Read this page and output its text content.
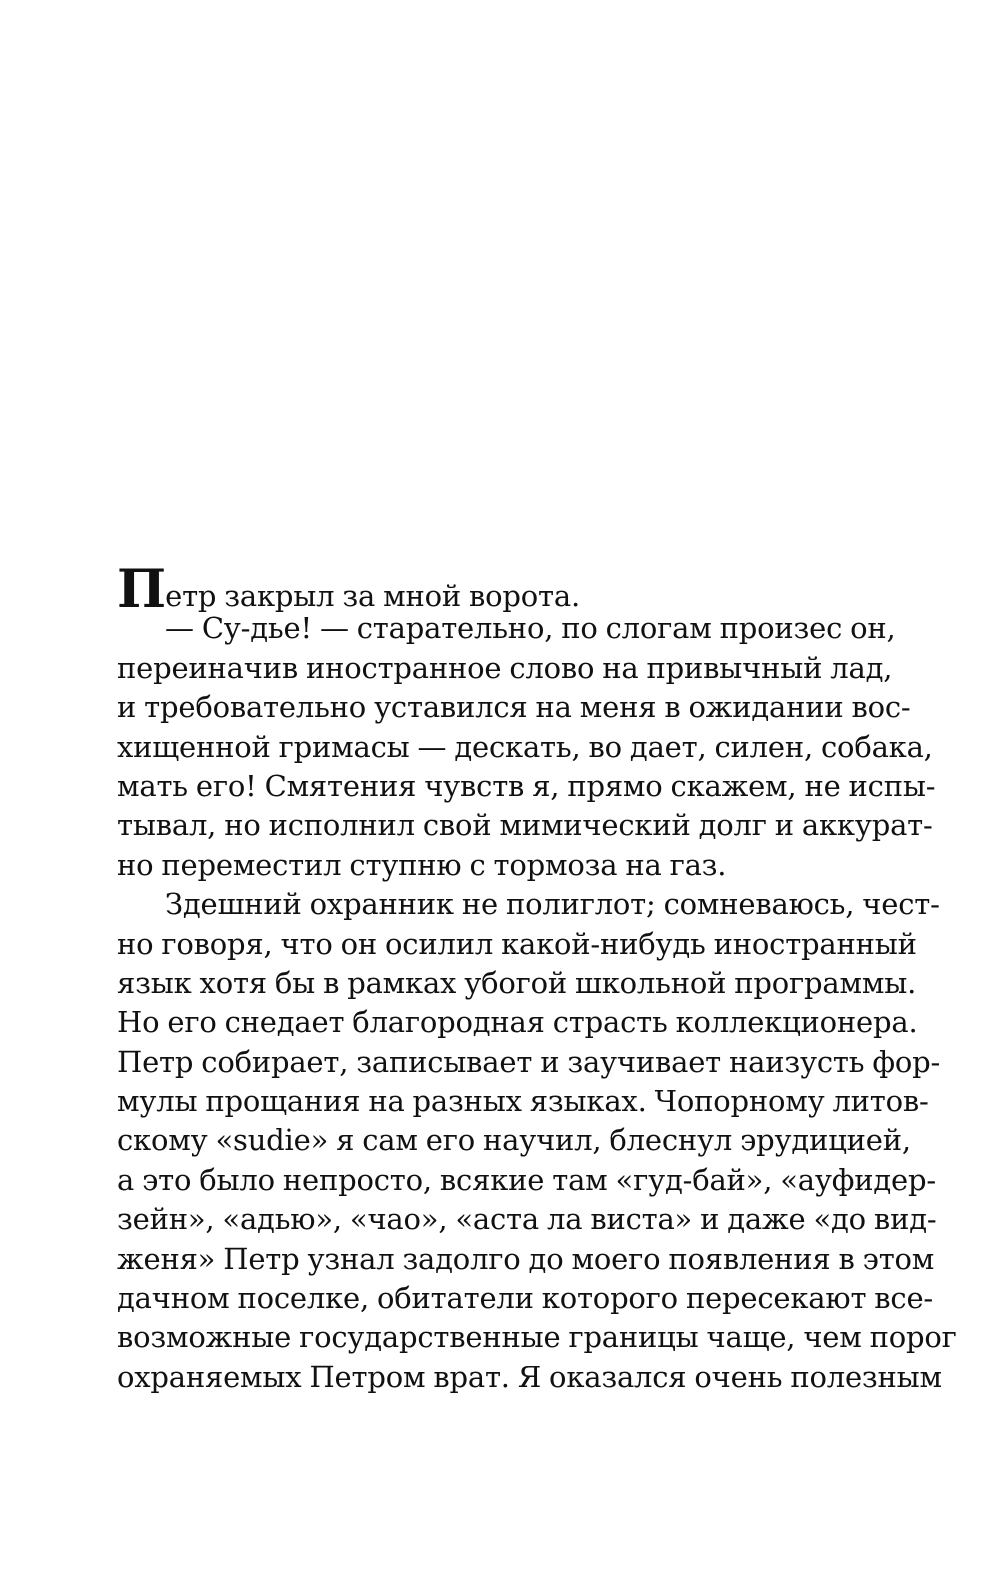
Петр закрыл за мной ворота.
— Су-дье! — старательно, по слогам произес он,
переиначив иностранное слово на привычный лад,
и требовательно уставился на меня в ожидании вос-
хищенной гримасы — дескать, во дает, силен, собака,
мать его! Смятения чувств я, прямо скажем, не испы-
тывал, но исполнил свой мимический долг и аккурат-
но переместил ступню с тормоза на газ.
Здешний охранник не полиглот; сомневаюсь, чест-
но говоря, что он осилил какой-нибудь иностранный
язык хотя бы в рамках убогой школьной программы.
Но его снедает благородная страсть коллекционера.
Петр собирает, записывает и заучивает наизусть фор-
мулы прощания на разных языках. Чопорному литов-
скому «sudie» я сам его научил, блеснул эрудицией,
а это было непросто, всякие там «гуд-бай», «ауфидер-
зейн», «адью», «чао», «аста ла виста» и даже «до вид-
женя» Петр узнал задолго до моего появления в этом
дачном поселке, обитатели которого пересекают все-
возможные государственные границы чаще, чем порог
охраняемых Петром врат. Я оказался очень полезным
